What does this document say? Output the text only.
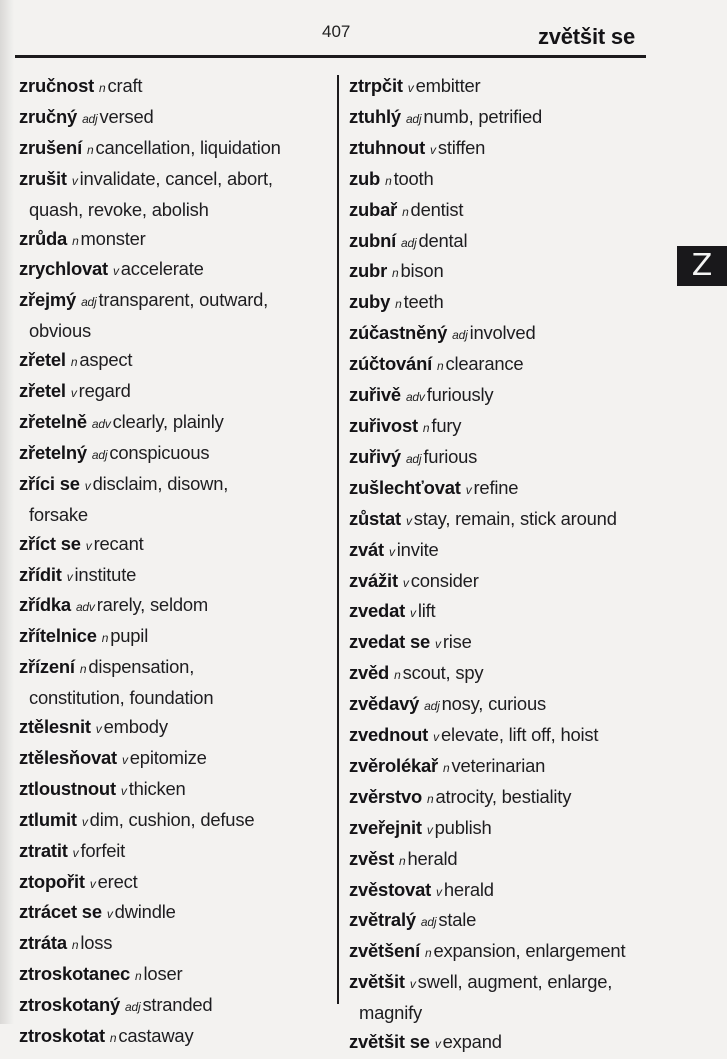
407	zvětšit se
zručnost n craft
zručný adj versed
zrušení n cancellation, liquidation
zrušit v invalidate, cancel, abort,
quash, revoke, abolish
zrůda n monster
zrychlovat v accelerate
zřejmý adj transparent, outward,
obvious
zřetel n aspect
zřetel v regard
zřetelně adv clearly, plainly
zřetelný adj conspicuous
zříci se v disclaim, disown,
forsake
zříct se v recant
zřídit v institute
zřídka adv rarely, seldom
zřítelnice n pupil
zřízení n dispensation,
constitution, foundation
ztělesnit v embody
ztělesňovat v epitomize
ztloustnout v thicken
ztlumit v dim, cushion, defuse
ztratit v forfeit
ztopořit v erect
ztrácet se v dwindle
ztráta n loss
ztroskotanec n loser
ztroskotaný adj stranded
ztroskotat n castaway
ztrpčit v embitter
ztuhlý adj numb, petrified
ztuhnout v stiffen
zub n tooth
zubař n dentist
zubní adj dental
zubr n bison
zuby n teeth
zúčastněný adj involved
zúčtování n clearance
zuřivě adv furiously
zuřivost n fury
zuřivý adj furious
zušlechťovat v refine
zůstat v stay, remain, stick around
zvát v invite
zvážit v consider
zvedat v lift
zvedat se v rise
zvěd n scout, spy
zvědavý adj nosy, curious
zvednout v elevate, lift off, hoist
zvěrolékař n veterinarian
zvěrstvo n atrocity, bestiality
zveřejnit v publish
zvěst n herald
zvěstovat v herald
zvětralý adj stale
zvětšení n expansion, enlargement
zvětšit v swell, augment, enlarge,
magnify
zvětšit se v expand
Z
